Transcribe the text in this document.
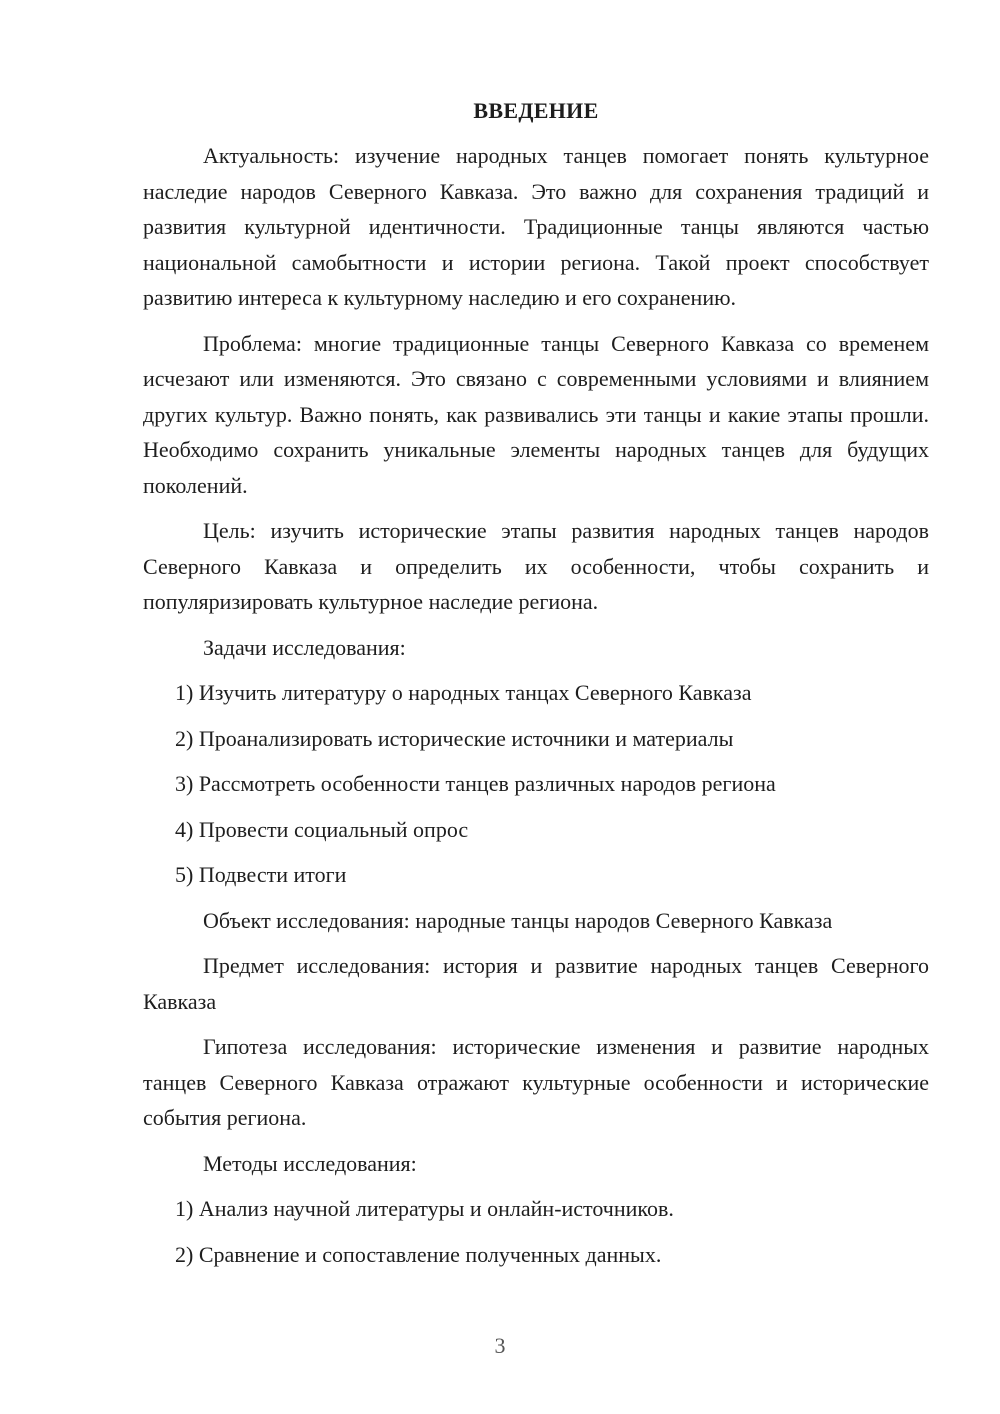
ВВЕДЕНИЕ

Актуальность: изучение народных танцев помогает понять культурное наследие народов Северного Кавказа. Это важно для сохранения традиций и развития культурной идентичности. Традиционные танцы являются частью национальной самобытности и истории региона. Такой проект способствует развитию интереса к культурному наследию и его сохранению.

Проблема: многие традиционные танцы Северного Кавказа со временем исчезают или изменяются. Это связано с современными условиями и влиянием других культур. Важно понять, как развивались эти танцы и какие этапы прошли. Необходимо сохранить уникальные элементы народных танцев для будущих поколений.

Цель: изучить исторические этапы развития народных танцев народов Северного Кавказа и определить их особенности, чтобы сохранить и популяризировать культурное наследие региона.

Задачи исследования:

1) Изучить литературу о народных танцах Северного Кавказа
2) Проанализировать исторические источники и материалы
3) Рассмотреть особенности танцев различных народов региона
4) Провести социальный опрос
5) Подвести итоги

Объект исследования: народные танцы народов Северного Кавказа

Предмет исследования: история и развитие народных танцев Северного Кавказа

Гипотеза исследования: исторические изменения и развитие народных танцев Северного Кавказа отражают культурные особенности и исторические события региона.

Методы исследования:

1) Анализ научной литературы и онлайн-источников.
2) Сравнение и сопоставление полученных данных.
3
